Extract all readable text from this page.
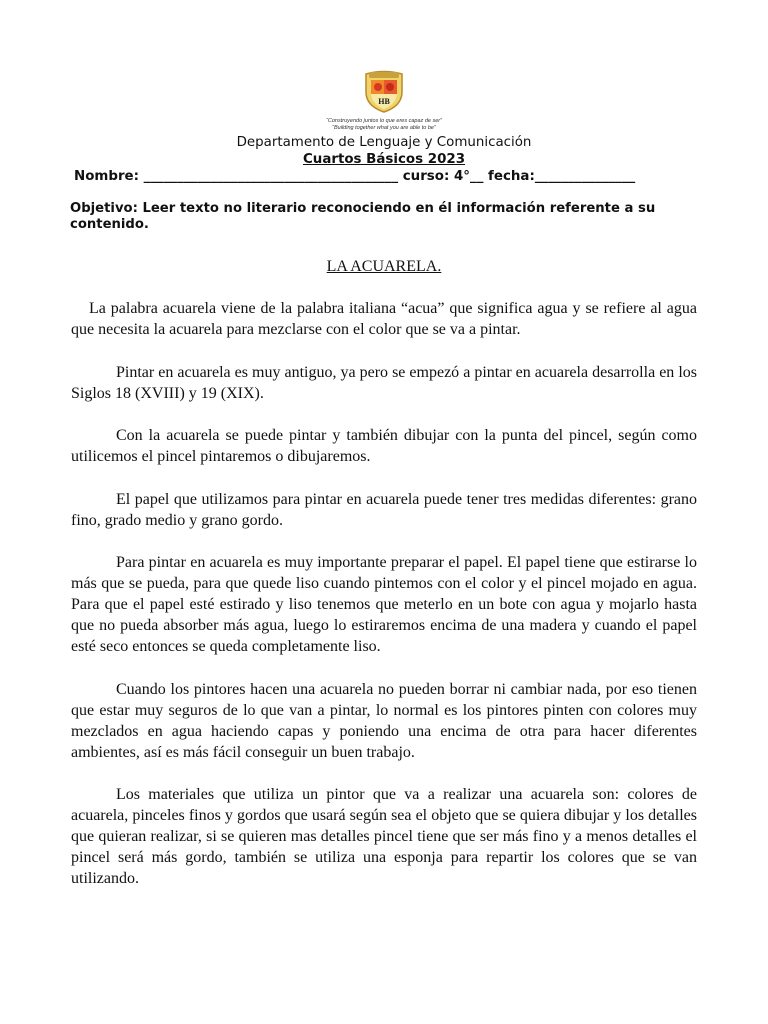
HB
“Construyendo juntos lo que eres capaz de ser”
“Building together what you are able to be”
Departamento de Lenguaje y Comunicación
Cuartos Básicos 2023
Nombre: ______________________________________ curso: 4°__ fecha:_______________
Objetivo: Leer texto no literario reconociendo en él información referente a su contenido.
LA ACUARELA.

La palabra acuarela viene de la palabra italiana “acua” que significa agua y se refiere al agua que necesita la acuarela para mezclarse con el color que se va a pintar.

Pintar en acuarela es muy antiguo, ya pero se empezó a pintar en acuarela desarrolla en los Siglos 18 (XVIII) y 19 (XIX).

Con la acuarela se puede pintar y también dibujar con la punta del pincel, según como utilicemos el pincel pintaremos o dibujaremos.

El papel que utilizamos para pintar en acuarela puede tener tres medidas diferentes: grano fino, grado medio y grano gordo.

Para pintar en acuarela es muy importante preparar el papel. El papel tiene que estirarse lo más que se pueda, para que quede liso cuando pintemos con el color y el pincel mojado en agua. Para que el papel esté estirado y liso tenemos que meterlo en un bote con agua y mojarlo hasta que no pueda absorber más agua, luego lo estiraremos encima de una madera y cuando el papel esté seco entonces se queda completamente liso.

Cuando los pintores hacen una acuarela no pueden borrar ni cambiar nada, por eso tienen que estar muy seguros de lo que van a pintar, lo normal es los pintores pinten con colores muy mezclados en agua haciendo capas y poniendo una encima de otra para hacer diferentes ambientes, así es más fácil conseguir un buen trabajo.

Los materiales que utiliza un pintor que va a realizar una acuarela son: colores de acuarela, pinceles finos y gordos que usará según sea el objeto que se quiera dibujar y los detalles que quieran realizar, si se quieren mas detalles pincel tiene que ser más fino y a menos detalles el pincel será más gordo, también se utiliza una esponja para repartir los colores que se van utilizando.
